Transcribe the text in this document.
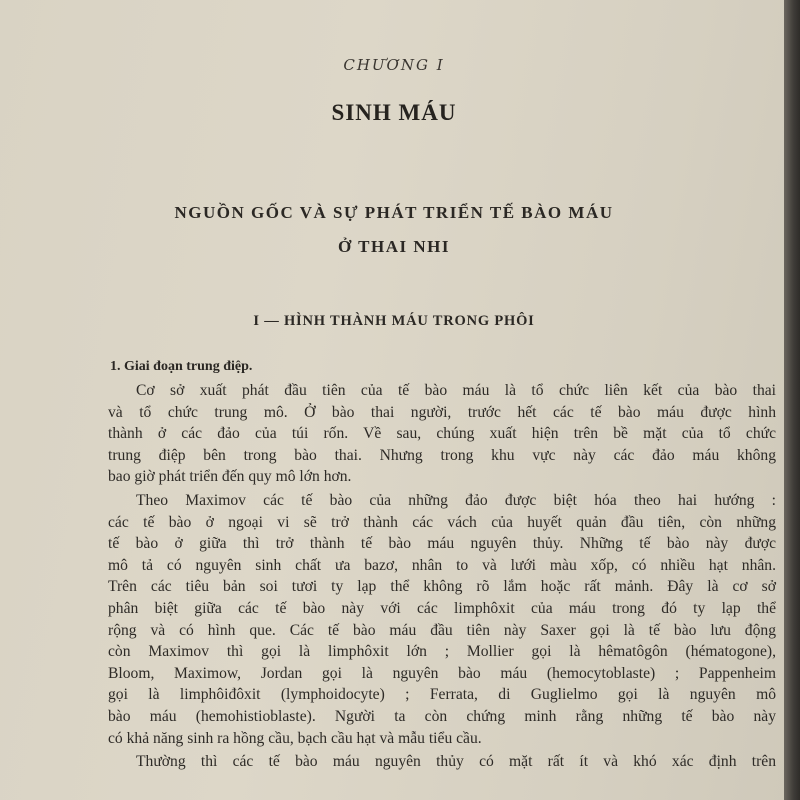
CHƯƠNG I
SINH MÁU
NGUỒN GỐC VÀ SỰ PHÁT TRIỂN TẾ BÀO MÁU
Ở THAI NHI
I — HÌNH THÀNH MÁU TRONG PHÔI
1. Giai đoạn trung điệp.
Cơ sở xuất phát đầu tiên của tế bào máu là tổ chức liên kết của bào thai
và tổ chức trung mô. Ở bào thai người, trước hết các tế bào máu được hình
thành ở các đảo của túi rốn. Về sau, chúng xuất hiện trên bề mặt của tổ chức
trung điệp bên trong bào thai. Nhưng trong khu vực này các đảo máu không
bao giờ phát triển đến quy mô lớn hơn.
Theo Maximov các tế bào của những đảo được biệt hóa theo hai hướng :
các tế bào ở ngoại vi sẽ trở thành các vách của huyết quản đầu tiên, còn những
tế bào ở giữa thì trở thành tế bào máu nguyên thủy. Những tế bào này được
mô tả có nguyên sinh chất ưa bazơ, nhân to và lưới màu xốp, có nhiều hạt nhân.
Trên các tiêu bản soi tươi ty lạp thể không rõ lắm hoặc rất mảnh. Đây là cơ sở
phân biệt giữa các tế bào này với các limphôxit của máu trong đó ty lạp thể
rộng và có hình que. Các tế bào máu đầu tiên này Saxer gọi là tế bào lưu động
còn Maximov thì gọi là limphôxit lớn ; Mollier gọi là hêmatôgôn (hématogone),
Bloom, Maximow, Jordan gọi là nguyên bào máu (hemocytoblaste) ; Pappenheim
gọi là limphôiđôxit (lymphoidocyte) ; Ferrata, di Guglielmo gọi là nguyên mô
bào máu (hemohistioblaste). Người ta còn chứng minh rằng những tế bào này
có khả năng sinh ra hồng cầu, bạch cầu hạt và mẫu tiểu cầu.
Thường thì các tế bào máu nguyên thủy có mặt rất ít và khó xác định trên
